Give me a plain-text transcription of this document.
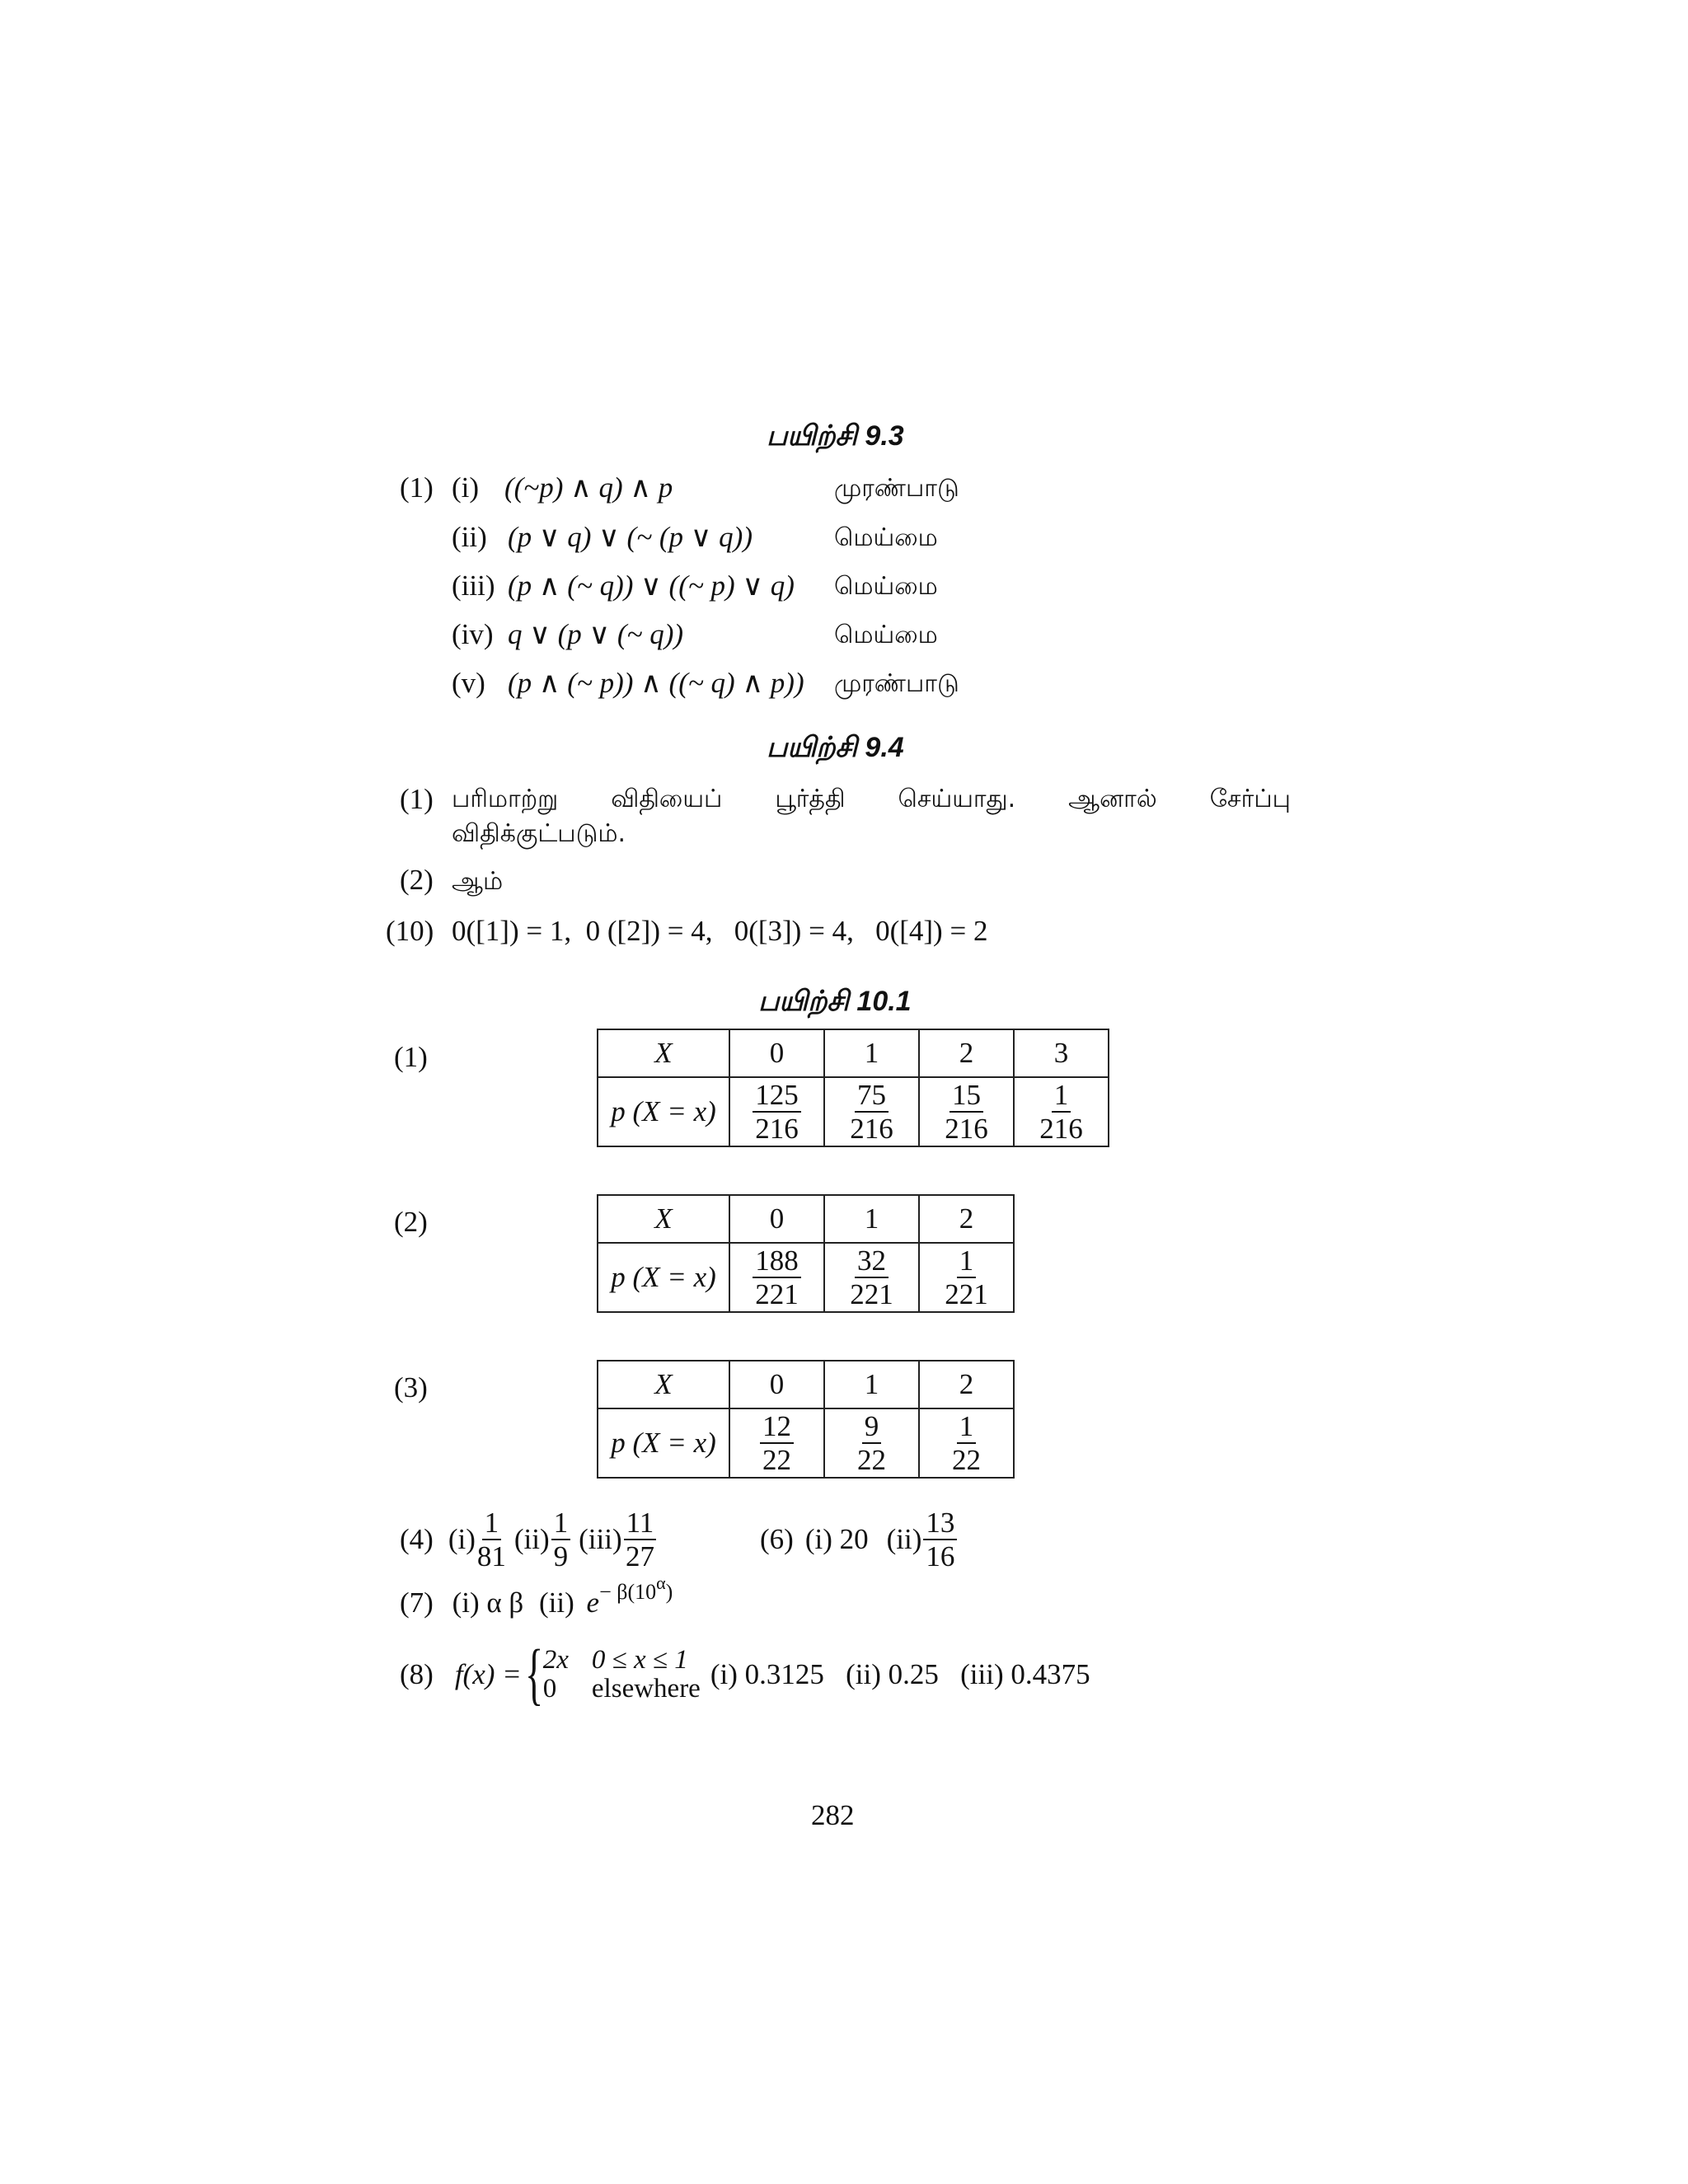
பயிற்சி 9.3
(1) (i) ((~p) ∧ q) ∧ p	முரண்பாடு
(ii) (p ∨ q) ∨ (~ (p ∨ q))	மெய்மை
(iii) (p ∧ (~ q)) ∨ ((~ p) ∨ q) மெய்மை
(iv) q ∨ (p ∨ (~ q))	மெய்மை
(v) (p ∧ (~ p)) ∧ ((~ q) ∧ p)) முரண்பாடு
பயிற்சி 9.4
(1) பரிமாற்று விதியைப் பூர்த்தி செய்யாது. ஆனால் சேர்ப்பு
விதிக்குட்படும்.
(2) ஆம்
(10) 0([1]) = 1,  0 ([2]) = 4,   0([3]) = 4,   0([4]) = 2
பயிற்சி 10.1
(1)	X	0	1	2	3
p (X = x)	$\frac{125}{216}$	$\frac{75}{216}$	$\frac{15}{216}$	$\frac{1}{216}$
(2)	X	0	1	2
p (X = x)	$\frac{188}{221}$	$\frac{32}{221}$	$\frac{1}{221}$
(3)	X	0	1	2
p (X = x)	$\frac{12}{22}$	$\frac{9}{22}$	$\frac{1}{22}$
(4) $(i) \frac{1}{81} (ii) \frac{1}{9} (iii) \frac{11}{27}$	(6) (i) 20 $(ii) \frac{13}{16}$
(7) (i) α β (ii) $e^{- \beta(10^\alpha)}$
(8) f(x) = { 2x 0 ≤ x ≤ 1
0	elsewhere (i) 0.3125   (ii) 0.25   (iii) 0.4375
282
